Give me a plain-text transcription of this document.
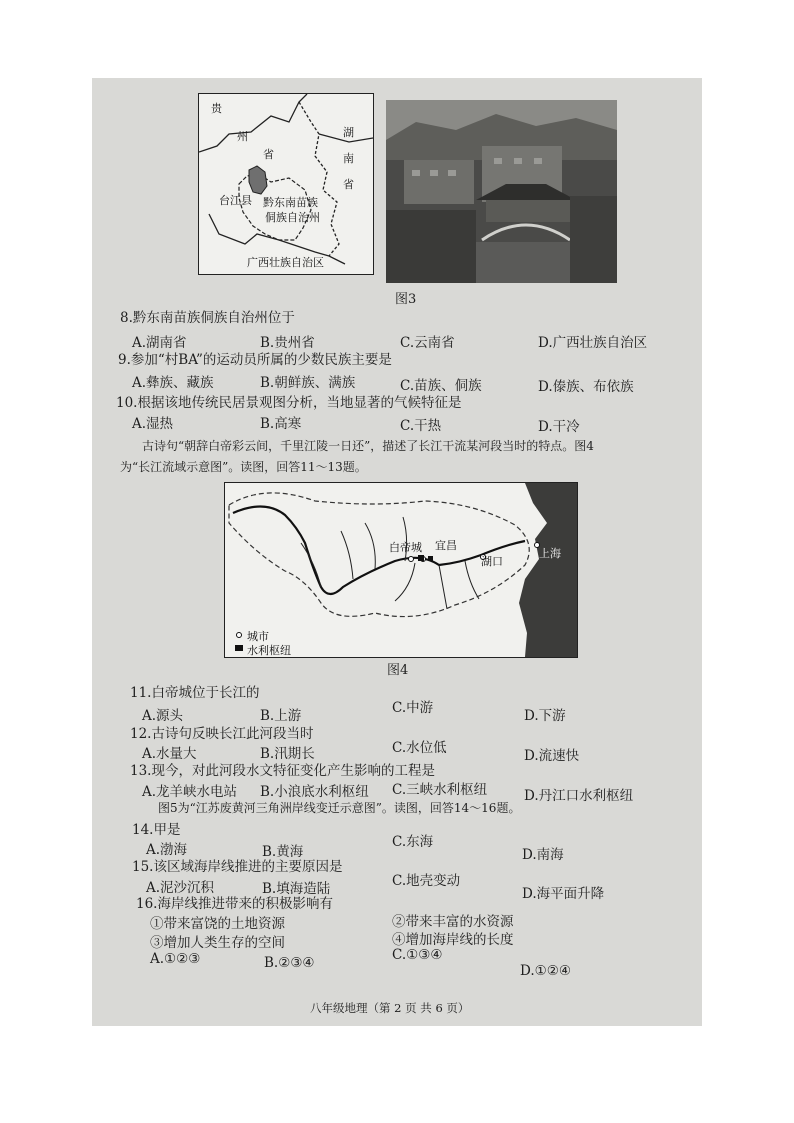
贵
州
省
湖
南
省
台江县 黔东南苗族
侗族自治州
广西壮族自治区
图3
8.黔东南苗族侗族自治州位于
A.湖南省	B.贵州省	C.云南省	D.广西壮族自治区
9.参加“村BA”的运动员所属的少数民族主要是
A.彝族、藏族	B.朝鲜族、满族	C.苗族、侗族	D.傣族、布依族
10.根据该地传统民居景观图分析，当地显著的气候特征是
A.湿热	B.高寒	C.干热	D.干冷
古诗句“朝辞白帝彩云间，千里江陵一日还”，描述了长江干流某河段当时的特点。图4
为“长江流域示意图”。读图，回答11～13题。
白帝城 宜昌
湖口
上海
城市
水利枢纽
图4
11.白帝城位于长江的
A.源头	B.上游	C.中游	D.下游
12.古诗句反映长江此河段当时
A.水量大	B.汛期长	C.水位低	D.流速快
13.现今，对此河段水文特征变化产生影响的工程是
A.龙羊峡水电站 B.小浪底水利枢纽 C.三峡水利枢纽	D.丹江口水利枢纽
图5为“江苏废黄河三角洲岸线变迁示意图”。读图，回答14～16题。
14.甲是
A.渤海	B.黄海
C.东海
D.南海
15.该区域海岸线推进的主要原因是
A.泥沙沉积	B.填海造陆	C.地壳变动
D.海平面升降
16.海岸线推进带来的积极影响有
①带来富饶的土地资源	②带来丰富的水资源
③增加人类生存的空间	④增加海岸线的长度
A.①②③	B.②③④	C.①③④
D.①②④
八年级地理（第 2 页 共 6 页）
